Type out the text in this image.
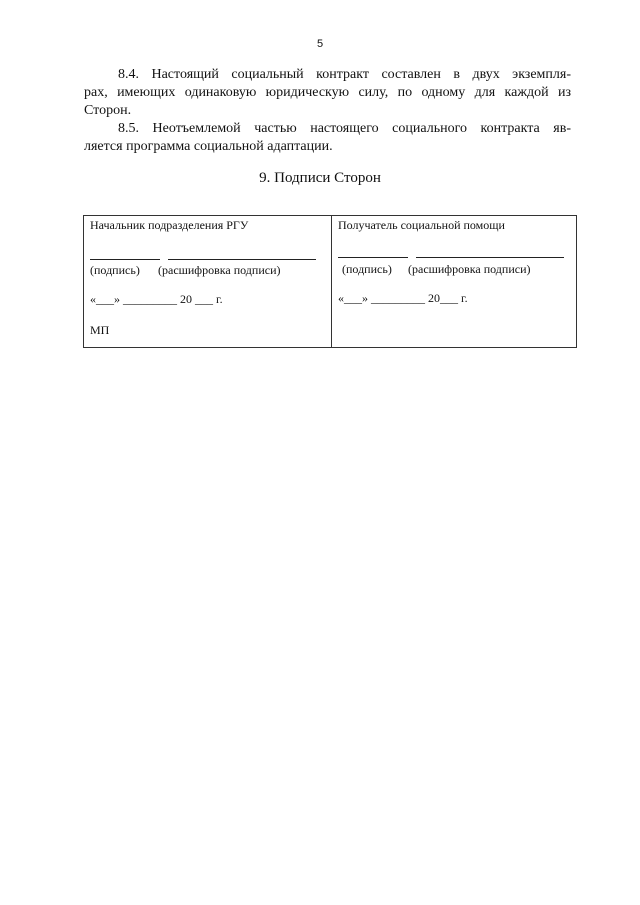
5
8.4. Настоящий социальный контракт составлен в двух экземпля-
рах, имеющих одинаковую юридическую силу, по одному для каждой из
Сторон.
8.5. Неотъемлемой частью настоящего социального контракта яв-
ляется программа социальной адаптации.
9. Подписи Сторон
Начальник подразделения РГУ
(подпись) (расшифровка подписи)
«___» _________ 20 ___ г.
МП
Получатель социальной помощи
(подпись) (расшифровка подписи)
«___» _________ 20___ г.
